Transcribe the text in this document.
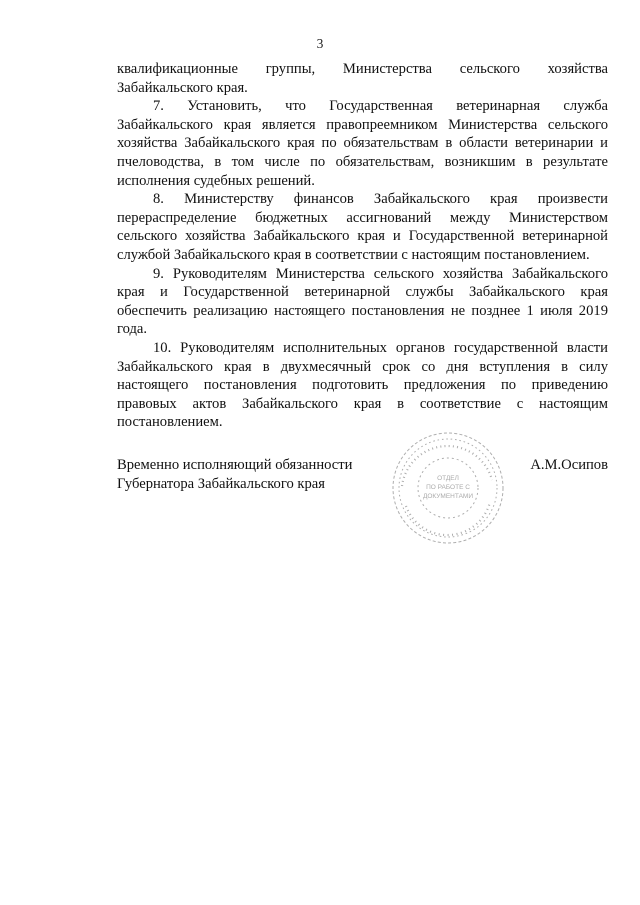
3

квалификационные группы, Министерства сельского хозяйства Забайкальского края.

7. Установить, что Государственная ветеринарная служба Забайкальского края является правопреемником Министерства сельского хозяйства Забайкальского края по обязательствам в области ветеринарии и пчеловодства, в том числе по обязательствам, возникшим в результате исполнения судебных решений.

8. Министерству финансов Забайкальского края произвести перераспределение бюджетных ассигнований между Министерством сельского хозяйства Забайкальского края и Государственной ветеринарной службой Забайкальского края в соответствии с настоящим постановлением.

9. Руководителям Министерства сельского хозяйства Забайкальского края и Государственной ветеринарной службы Забайкальского края обеспечить реализацию настоящего постановления не позднее 1 июля 2019 года.

10. Руководителям исполнительных органов государственной власти Забайкальского края в двухмесячный срок со дня вступления в силу настоящего постановления подготовить предложения по приведению правовых актов Забайкальского края в соответствие с настоящим постановлением.

Временно исполняющий обязанности
Губернатора Забайкальского края	ОТДЕЛ
ПО РАБОТЕ С
ДОКУМЕНТАМИ
А.М.Осипов
